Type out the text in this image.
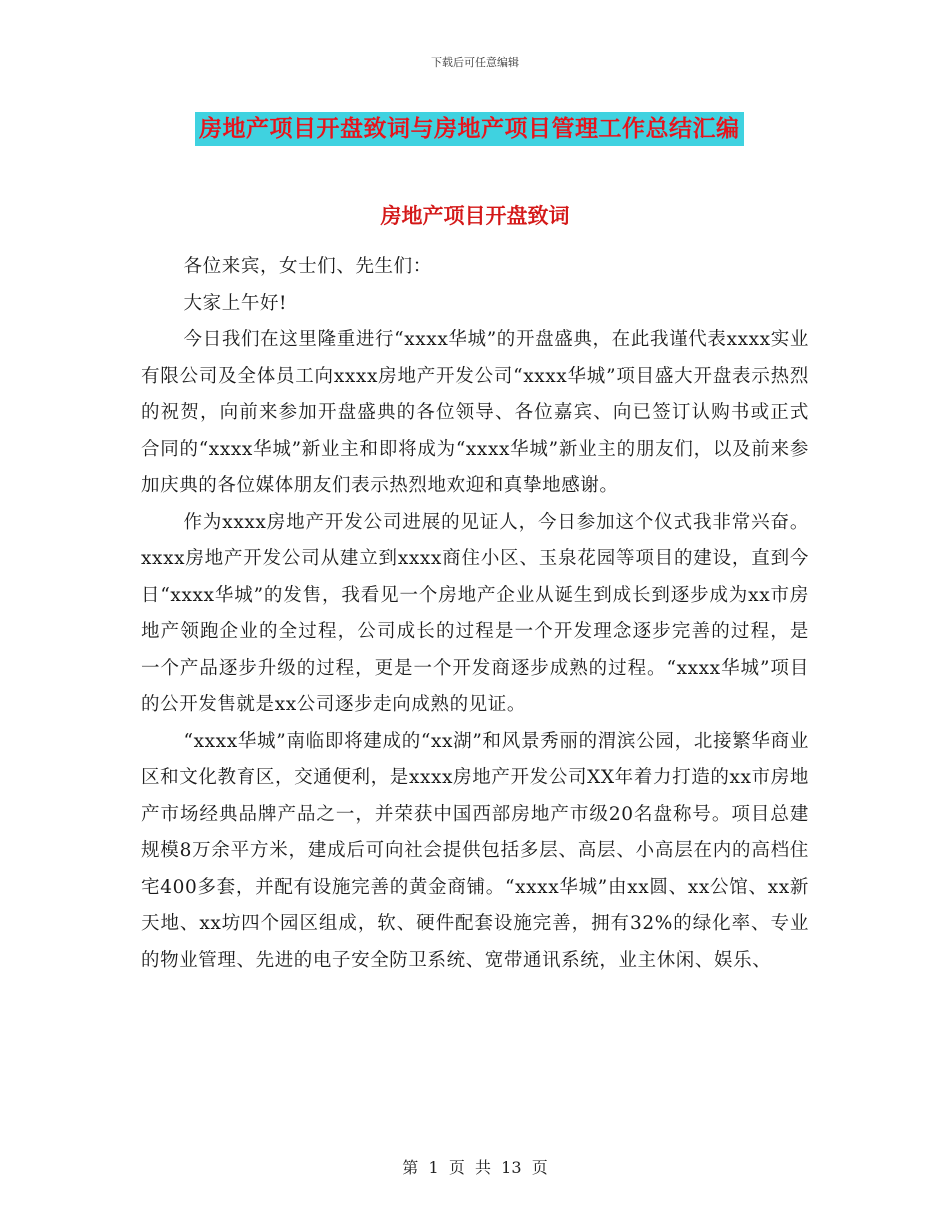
下载后可任意编辑
房地产项目开盘致词与房地产项目管理工作总结汇编
房地产项目开盘致词

各位来宾，女士们、先生们：

大家上午好!

今日我们在这里隆重进行“xxxx华城”的开盘盛典，在此我谨代表xxxx实业有限公司及全体员工向xxxx房地产开发公司“xxxx华城”项目盛大开盘表示热烈的祝贺，向前来参加开盘盛典的各位领导、各位嘉宾、向已签订认购书或正式合同的“xxxx华城”新业主和即将成为“xxxx华城”新业主的朋友们，以及前来参加庆典的各位媒体朋友们表示热烈地欢迎和真挚地感谢。

作为xxxx房地产开发公司进展的见证人，今日参加这个仪式我非常兴奋。xxxx房地产开发公司从建立到xxxx商住小区、玉泉花园等项目的建设，直到今日“xxxx华城”的发售，我看见一个房地产企业从诞生到成长到逐步成为xx市房地产领跑企业的全过程，公司成长的过程是一个开发理念逐步完善的过程，是一个产品逐步升级的过程，更是一个开发商逐步成熟的过程。“xxxx华城”项目的公开发售就是xx公司逐步走向成熟的见证。

“xxxx华城”南临即将建成的“xx湖”和风景秀丽的渭滨公园，北接繁华商业区和文化教育区，交通便利，是xxxx房地产开发公司XX年着力打造的xx市房地产市场经典品牌产品之一，并荣获中国西部房地产市级20名盘称号。项目总建规模8万余平方米，建成后可向社会提供包括多层、高层、小高层在内的高档住宅400多套，并配有设施完善的黄金商铺。“xxxx华城”由xx圆、xx公馆、xx新天地、xx坊四个园区组成，软、硬件配套设施完善，拥有32%的绿化率、专业的物业管理、先进的电子安全防卫系统、宽带通讯系统，业主休闲、娱乐、

第  1  页  共  13  页
